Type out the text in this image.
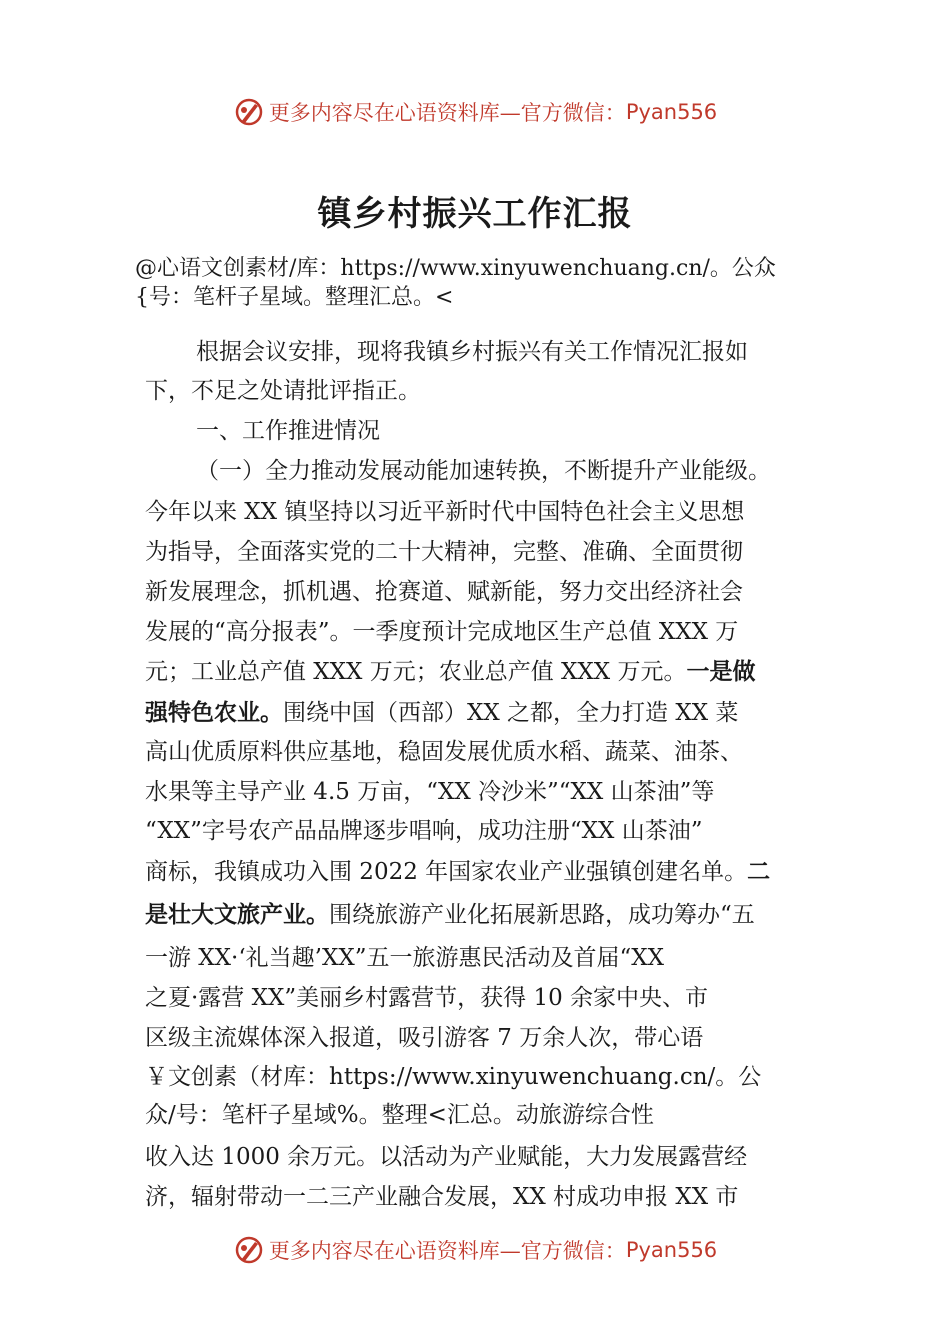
更多内容尽在心语资料库—官方微信：Pyan556
镇乡村振兴工作汇报
@心语文创素材/库：https://www.xinyuwenchuang.cn/。公众
{号：笔杆子星域。整理汇总。<
根据会议安排，现将我镇乡村振兴有关工作情况汇报如
下，不足之处请批评指正。
一、工作推进情况
（一）全力推动发展动能加速转换，不断提升产业能级。
今年以来 XX 镇坚持以习近平新时代中国特色社会主义思想
为指导，全面落实党的二十大精神，完整、准确、全面贯彻
新发展理念，抓机遇、抢赛道、赋新能，努力交出经济社会
发展的“高分报表”。一季度预计完成地区生产总值 XXX 万
元；工业总产值 XXX 万元；农业总产值 XXX 万元。一是做
强特色农业。围绕中国（西部）XX 之都，全力打造 XX 菜
高山优质原料供应基地，稳固发展优质水稻、蔬菜、油茶、
水果等主导产业 4.5 万亩，“XX 冷沙米”“XX 山茶油”等
“XX”字号农产品品牌逐步唱响，成功注册“XX 山茶油”
商标，我镇成功入围 2022 年国家农业产业强镇创建名单。二
是壮大文旅产业。围绕旅游产业化拓展新思路，成功筹办“五
一游 XX·‘礼当趣’XX”五一旅游惠民活动及首届“XX
之夏·露营 XX”美丽乡村露营节，获得 10 余家中央、市
区级主流媒体深入报道，吸引游客 7 万余人次，带心语
￥文创素（材库：https://www.xinyuwenchuang.cn/。公
众/号：笔杆子星域%。整理<汇总。动旅游综合性
收入达 1000 余万元。以活动为产业赋能，大力发展露营经
济，辐射带动一二三产业融合发展，XX 村成功申报 XX 市
更多内容尽在心语资料库—官方微信：Pyan556
